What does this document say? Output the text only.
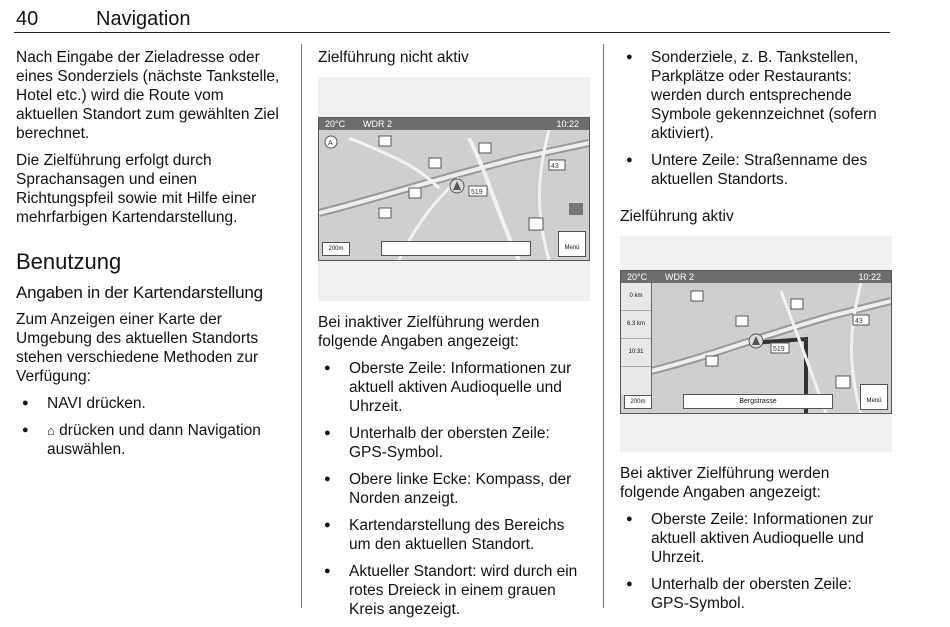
40	Navigation

Nach Eingabe der Zieladresse oder eines Sonderziels (nächste Tankstelle, Hotel etc.) wird die Route vom aktuellen Standort zum gewählten Ziel berechnet.

Die Zielführung erfolgt durch Sprachansagen und einen Richtungspfeil sowie mit Hilfe einer mehrfarbigen Kartendarstellung.

Benutzung
Angaben in der Kartendarstellung

Zum Anzeigen einer Karte der Umgebung des aktuellen Standorts stehen verschiedene Methoden zur Verfügung:

● NAVI drücken.
● ⌂ drücken und dann Navigation
auswählen.
Zielführung nicht aktiv
A
519
43
20°C WDR 2	10:22
200m	Menü

Bei inaktiver Zielführung werden folgende Angaben angezeigt:

● Oberste Zeile: Informationen zur aktuell aktiven Audioquelle und Uhrzeit.
● Unterhalb der obersten Zeile:
GPS-Symbol.
● Obere linke Ecke: Kompass, der Norden anzeigt.
● Kartendarstellung des Bereichs um den aktuellen Standort.
● Aktueller Standort: wird durch ein rotes Dreieck in einem grauen Kreis angezeigt.
● Sonderziele, z. B. Tankstellen, Parkplätze oder Restaurants: werden durch entsprechende Symbole gekennzeichnet (sofern aktiviert).
● Untere Zeile: Straßenname des aktuellen Standorts.
Zielführung aktiv
519
43
20°C WDR 2	10:22
0 km
6.3 km
10:31
200m	Bergstrasse	Menü

Bei aktiver Zielführung werden folgende Angaben angezeigt:

● Oberste Zeile: Informationen zur aktuell aktiven Audioquelle und Uhrzeit.
● Unterhalb der obersten Zeile:
GPS-Symbol.
